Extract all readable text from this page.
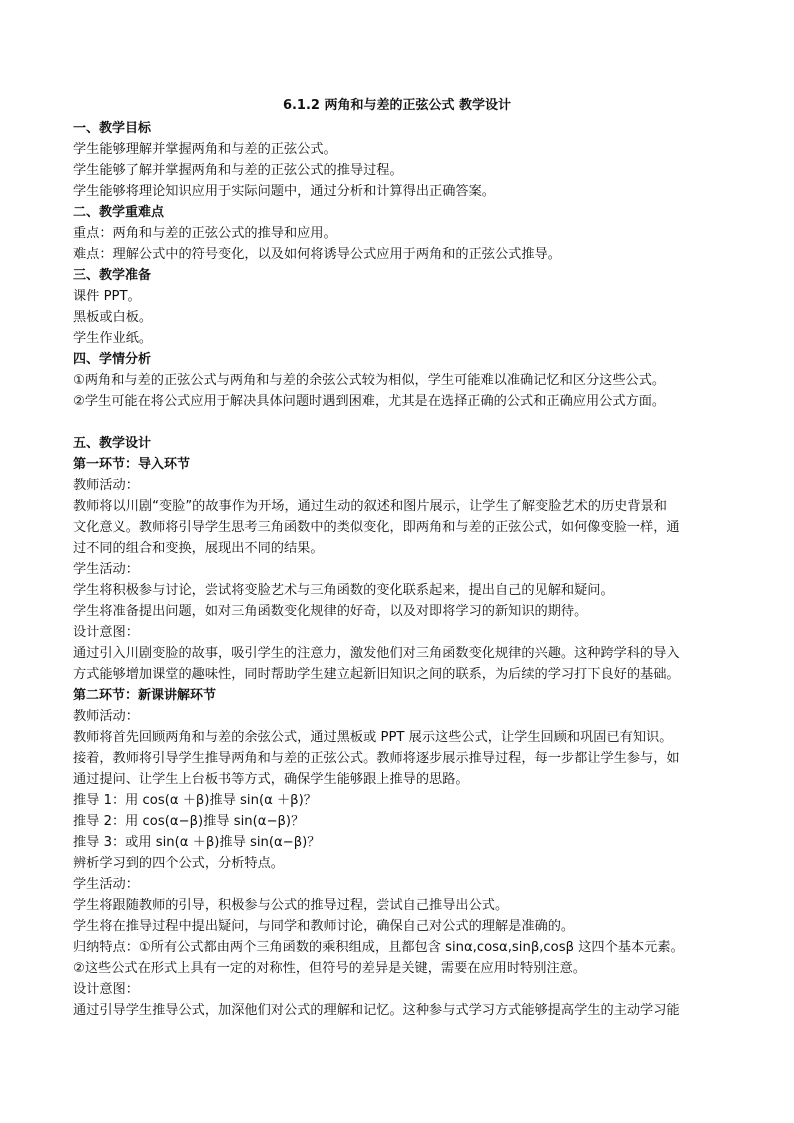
6.1.2 两角和与差的正弦公式 教学设计
一、教学目标
学生能够理解并掌握两角和与差的正弦公式。
学生能够了解并掌握两角和与差的正弦公式的推导过程。
学生能够将理论知识应用于实际问题中，通过分析和计算得出正确答案。
二、教学重难点
重点：两角和与差的正弦公式的推导和应用。
难点：理解公式中的符号变化，以及如何将诱导公式应用于两角和的正弦公式推导。
三、教学准备
课件 PPT。
黑板或白板。
学生作业纸。
四、学情分析
①两角和与差的正弦公式与两角和与差的余弦公式较为相似，学生可能难以准确记忆和区分这些公式。
②学生可能在将公式应用于解决具体问题时遇到困难，尤其是在选择正确的公式和正确应用公式方面。
五、教学设计
第一环节：导入环节
教师活动：
教师将以川剧“变脸”的故事作为开场，通过生动的叙述和图片展示，让学生了解变脸艺术的历史背景和
文化意义。教师将引导学生思考三角函数中的类似变化，即两角和与差的正弦公式，如何像变脸一样，通
过不同的组合和变换，展现出不同的结果。
学生活动：
学生将积极参与讨论，尝试将变脸艺术与三角函数的变化联系起来，提出自己的见解和疑问。
学生将准备提出问题，如对三角函数变化规律的好奇，以及对即将学习的新知识的期待。
设计意图：
通过引入川剧变脸的故事，吸引学生的注意力，激发他们对三角函数变化规律的兴趣。这种跨学科的导入
方式能够增加课堂的趣味性，同时帮助学生建立起新旧知识之间的联系，为后续的学习打下良好的基础。
第二环节：新课讲解环节
教师活动：
教师将首先回顾两角和与差的余弦公式，通过黑板或 PPT 展示这些公式，让学生回顾和巩固已有知识。
接着，教师将引导学生推导两角和与差的正弦公式。教师将逐步展示推导过程，每一步都让学生参与，如
通过提问、让学生上台板书等方式，确保学生能够跟上推导的思路。
推导 1：用 cos(α ＋β)推导 sin(α ＋β)？
推导 2：用 cos(α−β)推导 sin(α−β)？
推导 3：或用 sin(α ＋β)推导 sin(α−β)？
辨析学习到的四个公式，分析特点。
学生活动：
学生将跟随教师的引导，积极参与公式的推导过程，尝试自己推导出公式。
学生将在推导过程中提出疑问，与同学和教师讨论，确保自己对公式的理解是准确的。
归纳特点：①所有公式都由两个三角函数的乘积组成，且都包含 sinα,cosα,sinβ,cosβ 这四个基本元素。
②这些公式在形式上具有一定的对称性，但符号的差异是关键，需要在应用时特别注意。
设计意图：
通过引导学生推导公式，加深他们对公式的理解和记忆。这种参与式学习方式能够提高学生的主动学习能
